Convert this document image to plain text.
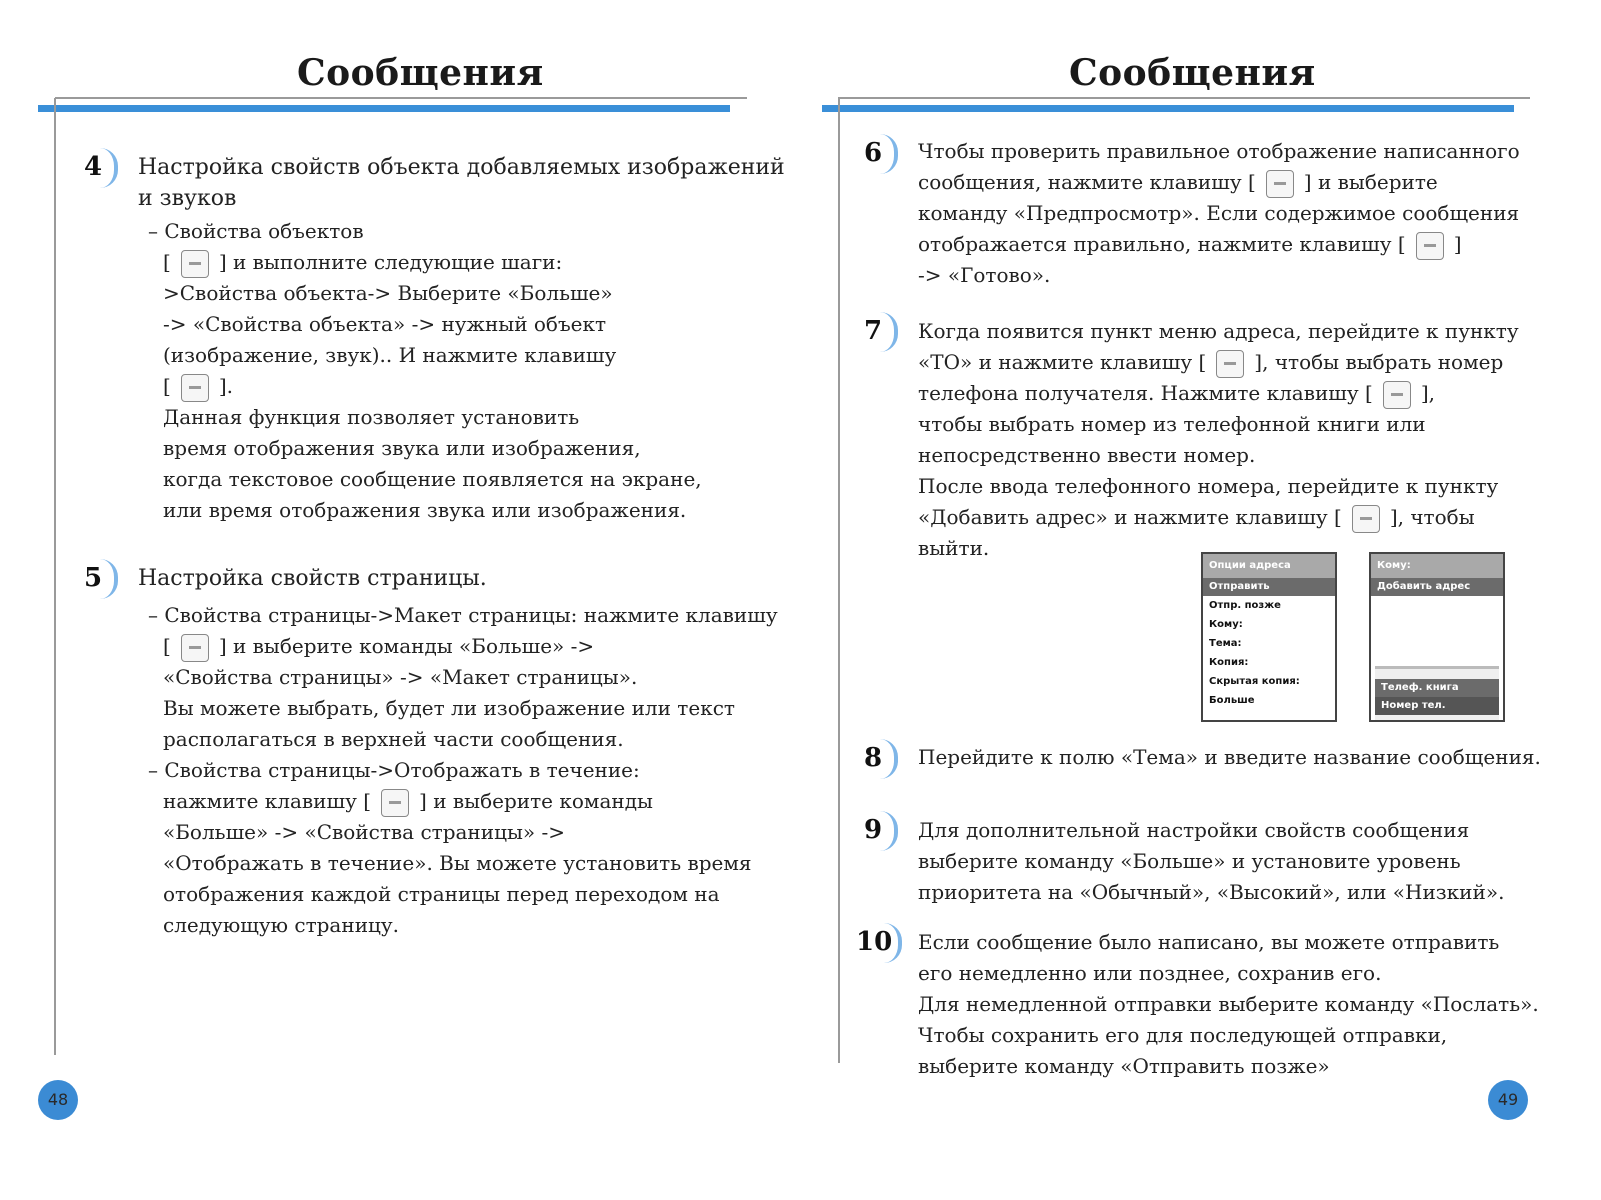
Сообщения
4 Настройка свойств объекта добавляемых изображений
и звуков
– Свойства объектов
[ ] и выполните следующие шаги:
>Свойства объекта-> Выберите «Больше»
-> «Свойства объекта» -> нужный объект
(изображение, звук).. И нажмите клавишу
[ ].
Данная функция позволяет установить
время отображения звука или изображения,
когда текстовое сообщение появляется на экране,
или время отображения звука или изображения.
5 Настройка свойств страницы.
– Свойства страницы->Макет страницы: нажмите клавишу
[ ] и выберите команды «Больше» ->
«Свойства страницы» -> «Макет страницы».
Вы можете выбрать, будет ли изображение или текст
располагаться в верхней части сообщения.
– Свойства страницы->Отображать в течение:
нажмите клавишу [ ] и выберите команды
«Больше» -> «Свойства страницы» ->
«Отображать в течение». Вы можете установить время
отображения каждой страницы перед переходом на
следующую страницу.
48
Сообщения
6 Чтобы проверить правильное отображение написанного
сообщения, нажмите клавишу [ ] и выберите
команду «Предпросмотр». Если содержимое сообщения
отображается правильно, нажмите клавишу [ ]
-> «Готово».
7 Когда появится пункт меню адреса, перейдите к пункту
«TO» и нажмите клавишу [ ], чтобы выбрать номер
телефона получателя. Нажмите клавишу [ ],
чтобы выбрать номер из телефонной книги или
непосредственно ввести номер.
После ввода телефонного номера, перейдите к пункту
«Добавить адрес» и нажмите клавишу [ ], чтобы
выйти.
Опции адреса
Отправить
Отпр. позже
Кому:
Тема:
Копия:
Скрытая копия:
Больше
Кому:
Добавить адрес
Телеф. книга
Номер тел.
8 Перейдите к полю «Тема» и введите название сообщения.
9 Для дополнительной настройки свойств сообщения
выберите команду «Больше» и установите уровень
приоритета на «Обычный», «Высокий», или «Низкий».
10 Если сообщение было написано, вы можете отправить
его немедленно или позднее, сохранив его.
Для немедленной отправки выберите команду «Послать».
Чтобы сохранить его для последующей отправки,
выберите команду «Отправить позже»
49
